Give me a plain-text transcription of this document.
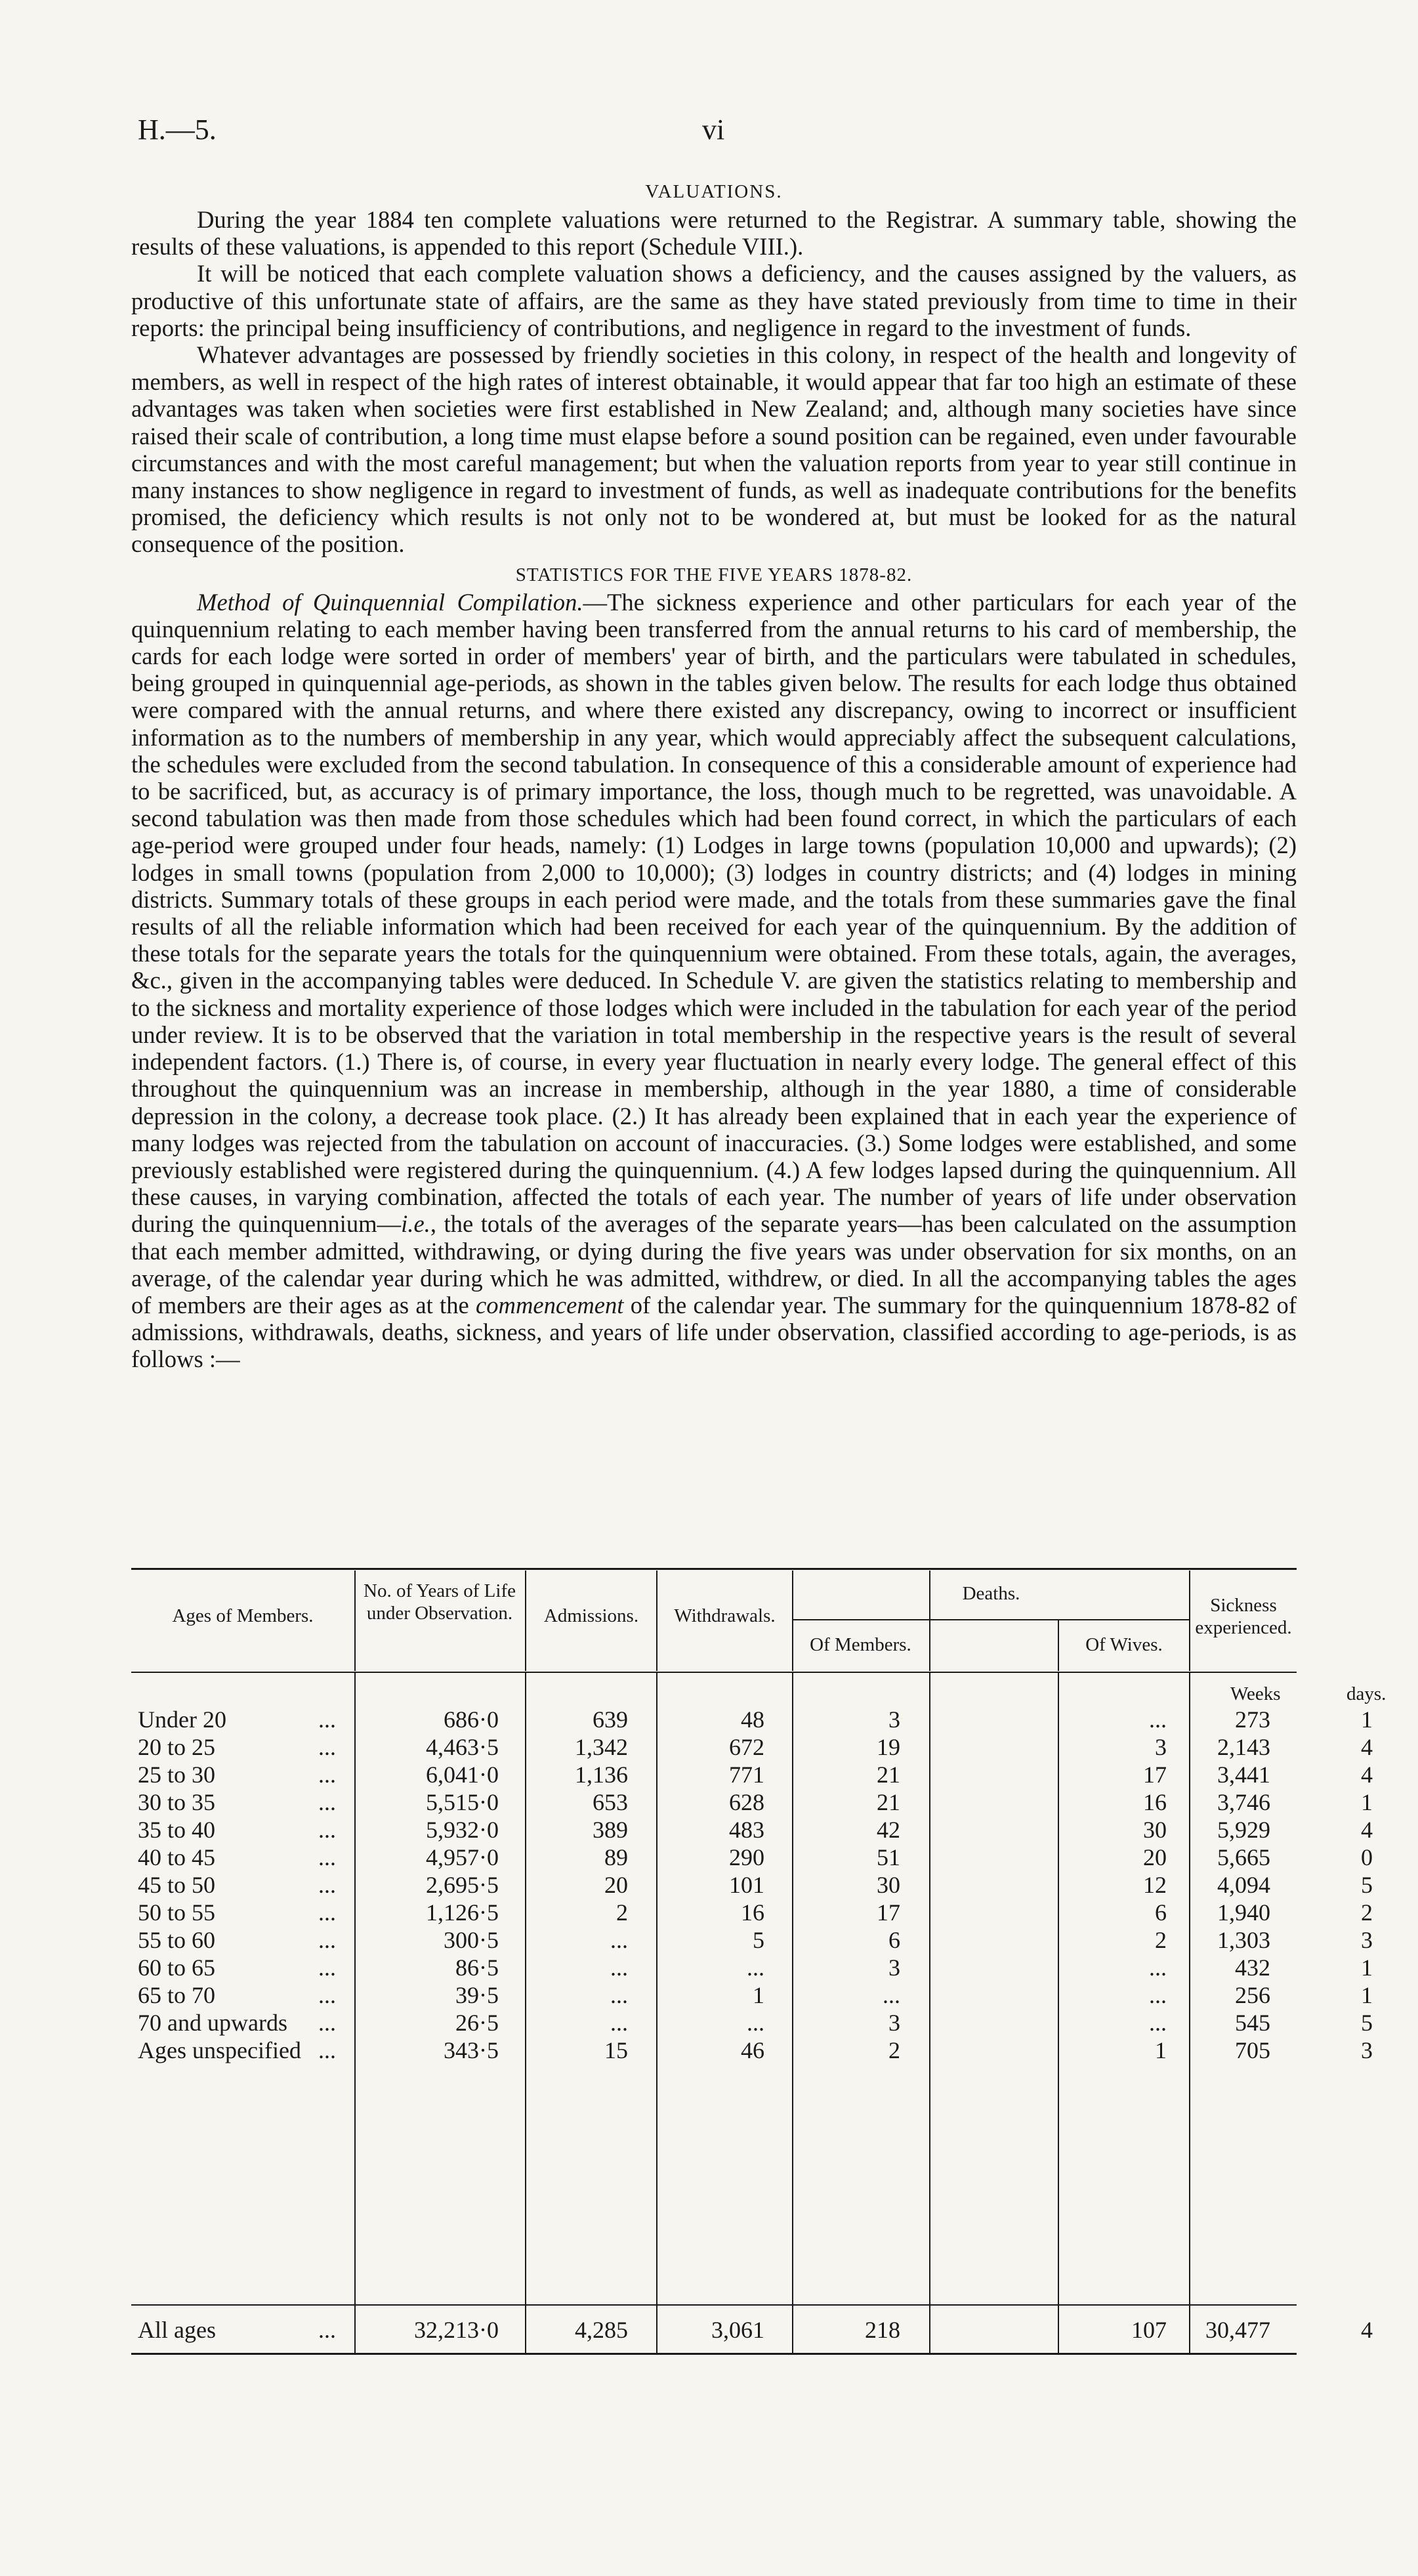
H.—5.	vi
VALUATIONS.

During the year 1884 ten complete valuations were returned to the Registrar. A summary table, showing the results of these valuations, is appended to this report (Schedule VIII.).

It will be noticed that each complete valuation shows a deficiency, and the causes assigned by the valuers, as productive of this unfortunate state of affairs, are the same as they have stated previously from time to time in their reports: the principal being insufficiency of contributions, and negligence in regard to the investment of funds.

Whatever advantages are possessed by friendly societies in this colony, in respect of the health and longevity of members, as well in respect of the high rates of interest obtainable, it would appear that far too high an estimate of these advantages was taken when societies were first established in New Zealand; and, although many societies have since raised their scale of contribution, a long time must elapse before a sound position can be regained, even under favourable circumstances and with the most careful management; but when the valuation reports from year to year still continue in many instances to show negligence in regard to investment of funds, as well as inadequate contributions for the benefits promised, the deficiency which results is not only not to be wondered at, but must be looked for as the natural consequence of the position.

STATISTICS FOR THE FIVE YEARS 1878-82.

Method of Quinquennial Compilation.—The sickness experience and other particulars for each year of the quinquennium relating to each member having been transferred from the annual returns to his card of membership, the cards for each lodge were sorted in order of members' year of birth, and the particulars were tabulated in schedules, being grouped in quinquennial age-periods, as shown in the tables given below. The results for each lodge thus obtained were compared with the annual returns, and where there existed any discrepancy, owing to incorrect or insufficient information as to the numbers of membership in any year, which would appreciably affect the subsequent calculations, the schedules were excluded from the second tabulation. In consequence of this a considerable amount of experience had to be sacrificed, but, as accuracy is of primary importance, the loss, though much to be regretted, was unavoidable. A second tabulation was then made from those schedules which had been found correct, in which the particulars of each age-period were grouped under four heads, namely: (1) Lodges in large towns (population 10,000 and upwards); (2) lodges in small towns (population from 2,000 to 10,000); (3) lodges in country districts; and (4) lodges in mining districts. Summary totals of these groups in each period were made, and the totals from these summaries gave the final results of all the reliable information which had been received for each year of the quinquennium. By the addition of these totals for the separate years the totals for the quinquennium were obtained. From these totals, again, the averages, &c., given in the accompanying tables were deduced. In Schedule V. are given the statistics relating to membership and to the sickness and mortality experience of those lodges which were included in the tabulation for each year of the period under review. It is to be observed that the variation in total membership in the respective years is the result of several independent factors. (1.) There is, of course, in every year fluctuation in nearly every lodge. The general effect of this throughout the quinquennium was an increase in membership, although in the year 1880, a time of considerable depression in the colony, a decrease took place. (2.) It has already been explained that in each year the experience of many lodges was rejected from the tabulation on account of inaccuracies. (3.) Some lodges were established, and some previously established were registered during the quinquennium. (4.) A few lodges lapsed during the quinquennium. All these causes, in varying combination, affected the totals of each year. The number of years of life under observation during the quinquennium—i.e., the totals of the averages of the separate years—has been calculated on the assumption that each member admitted, withdrawing, or dying during the five years was under observation for six months, on an average, of the calendar year during which he was admitted, withdrew, or died. In all the accompanying tables the ages of members are their ages as at the commencement of the calendar year. The summary for the quinquennium 1878-82 of admissions, withdrawals, deaths, sickness, and years of life under observation, classified according to age-periods, is as follows :—

Ages of Members.
No. of Years of Life under Observation.	Admissions.	Withdrawals.
Deaths.
Of Members.	Of Wives.
Sickness experienced.
Weeks	days.
Under 20	...	686·0	639	48	3	...	273	1
20 to 25	...	4,463·5	1,342	672	19	3	2,143	4
25 to 30	...	6,041·0	1,136	771	21	17	3,441	4
30 to 35	...	5,515·0	653	628	21	16	3,746	1
35 to 40	...	5,932·0	389	483	42	30	5,929	4
40 to 45	...	4,957·0	89	290	51	20	5,665	0
45 to 50	...	2,695·5	20	101	30	12	4,094	5
50 to 55	...	1,126·5	2	16	17	6	1,940	2
55 to 60	...	300·5	...	5	6	2	1,303	3
60 to 65	...	86·5	...	...	3	...	432	1
65 to 70	...	39·5	...	1	...	...	256	1
70 and upwards	...	26·5	...	...	3	...	545	5
Ages unspecified ...	343·5	15	46	2	1	705	3
All ages	...	32,213·0	4,285	3,061	218	107	30,477	4
